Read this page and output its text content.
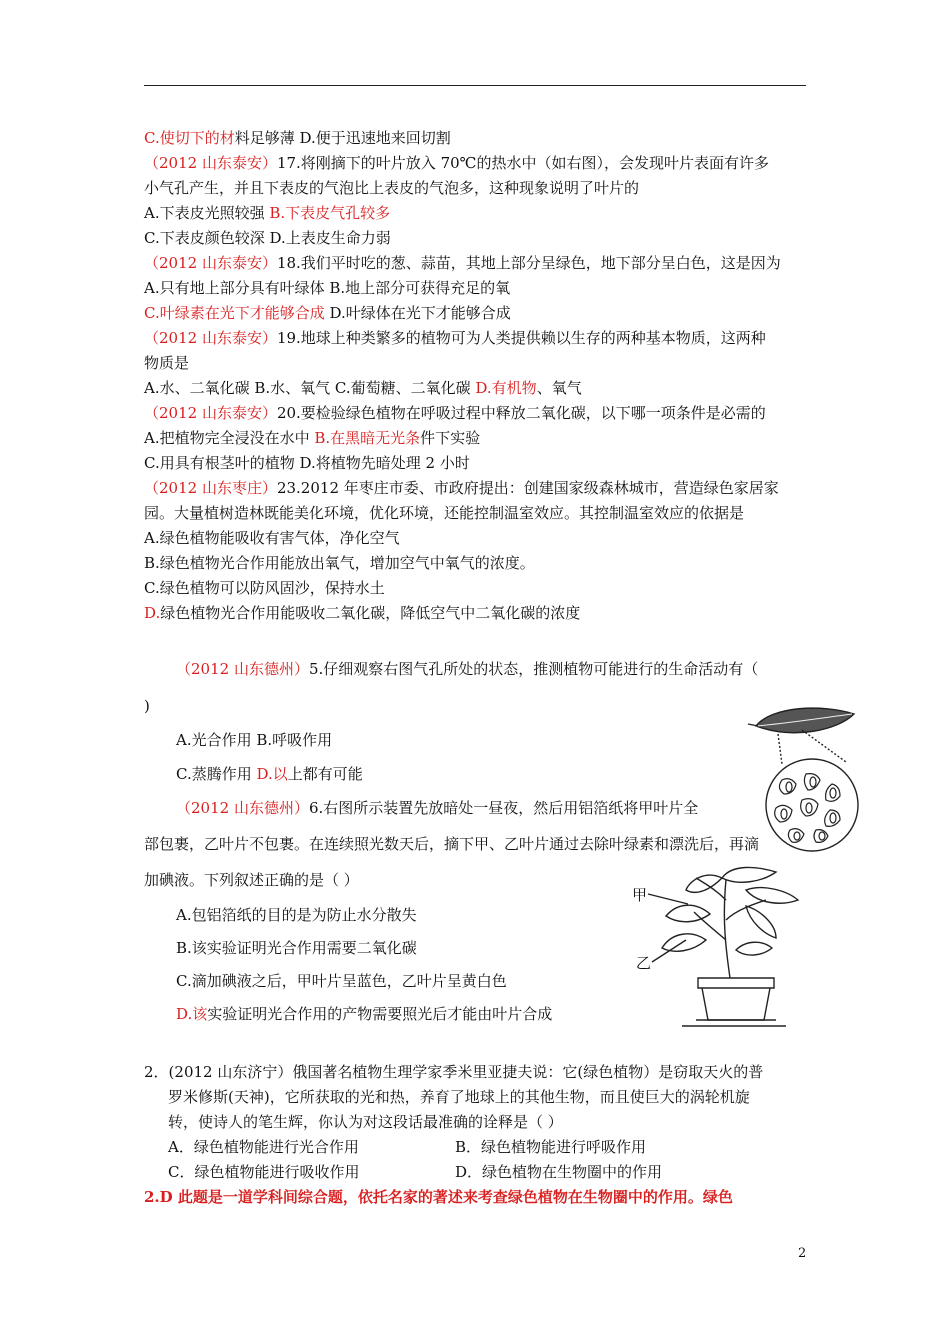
C.使切下的材料足够薄 D.便于迅速地来回切割
（2012 山东泰安）17.将刚摘下的叶片放入 70℃的热水中（如右图），会发现叶片表面有许多
小气孔产生，并且下表皮的气泡比上表皮的气泡多，这种现象说明了叶片的
A.下表皮光照较强 B.下表皮气孔较多
C.下表皮颜色较深 D.上表皮生命力弱
（2012 山东泰安）18.我们平时吃的葱、蒜苗，其地上部分呈绿色，地下部分呈白色，这是因为
A.只有地上部分具有叶绿体 B.地上部分可获得充足的氧
C.叶绿素在光下才能够合成 D.叶绿体在光下才能够合成
（2012 山东泰安）19.地球上种类繁多的植物可为人类提供赖以生存的两种基本物质，这两种
物质是
A.水、二氧化碳 B.水、氧气 C.葡萄糖、二氧化碳 D.有机物、氧气
（2012 山东泰安）20.要检验绿色植物在呼吸过程中释放二氧化碳，以下哪一项条件是必需的
A.把植物完全浸没在水中 B.在黑暗无光条件下实验
C.用具有根茎叶的植物 D.将植物先暗处理 2 小时
（2012 山东枣庄）23.2012 年枣庄市委、市政府提出：创建国家级森林城市，营造绿色家居家
园。大量植树造林既能美化环境，优化环境，还能控制温室效应。其控制温室效应的依据是
A.绿色植物能吸收有害气体，净化空气
B.绿色植物光合作用能放出氧气，增加空气中氧气的浓度。
C.绿色植物可以防风固沙，保持水土
D.绿色植物光合作用能吸收二氧化碳，降低空气中二氧化碳的浓度
（2012 山东德州）5.仔细观察右图气孔所处的状态，推测植物可能进行的生命活动有（
)
A.光合作用 B.呼吸作用
C.蒸腾作用 D.以上都有可能
（2012 山东德州）6.右图所示装置先放暗处一昼夜，然后用铝箔纸将甲叶片全
部包裹，乙叶片不包裹。在连续照光数天后，摘下甲、乙叶片通过去除叶绿素和漂洗后，再滴
加碘液。下列叙述正确的是（ ）
A.包铝箔纸的目的是为防止水分散失
B.该实验证明光合作用需要二氧化碳
C.滴加碘液之后，甲叶片呈蓝色，乙叶片呈黄白色
D.该实验证明光合作用的产物需要照光后才能由叶片合成
2．(2012 山东济宁）俄国著名植物生理学家季米里亚捷夫说：它(绿色植物）是窃取天火的普
罗米修斯(天神)，它所获取的光和热，养育了地球上的其他生物，而且使巨大的涡轮机旋
转，使诗人的笔生辉，你认为对这段话最准确的诠释是（ ）
A．绿色植物能进行光合作用	B．绿色植物能进行呼吸作用
C．绿色植物能进行吸收作用	D．绿色植物在生物圈中的作用
2.D 此题是一道学科间综合题，依托名家的著述来考查绿色植物在生物圈中的作用。绿色
甲
乙
2
